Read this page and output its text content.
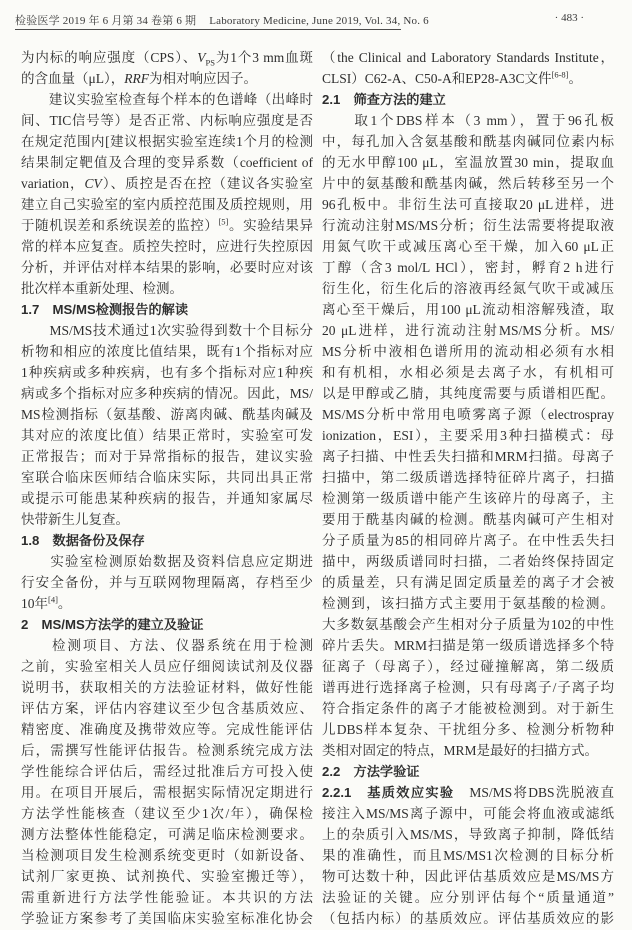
检验医学 2019 年 6 月第 34 卷第 6 期 Laboratory Medicine, June 2019, Vol. 34, No. 6	· 483 ·
为内标的响应强度（CPS）、$V_{PS}$为1个3 mm血斑
的含血量（μL），RRF为相对响应因子。
　　建议实验室检查每个样本的色谱峰（出峰时
间、TIC信号等）是否正常、内标响应强度是否
在规定范围内[建议根据实验室连续1个月的检测
结果制定靶值及合理的变异系数（coefficient of
variation，CV）、质控是否在控（建议各实验室
建立自己实验室的室内质控范围及质控规则，用
于随机误差和系统误差的监控）[5]。实验结果异
常的样本应复查。质控失控时，应进行失控原因
分析，并评估对样本结果的影响，必要时应对该
批次样本重新处理、检测。
1.7　MS/MS检测报告的解读
　　MS/MS技术通过1次实验得到数十个目标分
析物和相应的浓度比值结果，既有1个指标对应
1种疾病或多种疾病，也有多个指标对应1种疾
病或多个指标对应多种疾病的情况。因此，MS/
MS检测指标（氨基酸、游离肉碱、酰基肉碱及
其对应的浓度比值）结果正常时，实验室可发
正常报告；而对于异常指标的报告，建议实验
室联合临床医师结合临床实际，共同出具正常
或提示可能患某种疾病的报告，并通知家属尽
快带新生儿复查。
1.8　数据备份及保存
　　实验室检测原始数据及资料信息应定期进
行安全备份，并与互联网物理隔离，存档至少
10年[4]。
2　MS/MS方法学的建立及验证
　　检测项目、方法、仪器系统在用于检测
之前，实验室相关人员应仔细阅读试剂及仪器
说明书，获取相关的方法验证材料，做好性能
评估方案，评估内容建议至少包含基质效应、
精密度、准确度及携带效应等。完成性能评估
后，需撰写性能评估报告。检测系统完成方法
学性能综合评估后，需经过批准后方可投入使
用。在项目开展后，需根据实际情况定期进行
方法学性能核查（建议至少1次/年），确保检
测方法整体性能稳定，可满足临床检测要求。
当检测项目发生检测系统变更时（如新设备、
试剂厂家更换、试剂换代、实验室搬迁等），
需重新进行方法学性能验证。本共识的方法
学验证方案参考了美国临床实验室标准化协会
（the Clinical and Laboratory Standards Institute，
CLSI）C62-A、C50-A和EP28-A3C文件[6-8]。
2.1　筛查方法的建立
　　取1个DBS样本（3 mm），置于96孔板
中，每孔加入含氨基酸和酰基肉碱同位素内标
的无水甲醇100 μL，室温放置30 min，提取血
片中的氨基酸和酰基肉碱，然后转移至另一个
96孔板中。非衍生法可直接取20 μL进样，进
行流动注射MS/MS分析；衍生法需要将提取液
用氮气吹干或减压离心至干燥，加入60 μL正
丁醇（含3 mol/L HCl），密封，孵育2 h进行
衍生化，衍生化后的溶液再经氮气吹干或减压
离心至干燥后，用100 μL流动相溶解残渣，取
20 μL进样，进行流动注射MS/MS分析。MS/
MS分析中液相色谱所用的流动相必须有水相
和有机相，水相必须是去离子水，有机相可
以是甲醇或乙腈，其纯度需要与质谱相匹配。
MS/MS分析中常用电喷雾离子源（electrospray
ionization，ESI），主要采用3种扫描模式：母
离子扫描、中性丢失扫描和MRM扫描。母离子
扫描中，第二级质谱选择特征碎片离子，扫描
检测第一级质谱中能产生该碎片的母离子，主
要用于酰基肉碱的检测。酰基肉碱可产生相对
分子质量为85的相同碎片离子。在中性丢失扫
描中，两级质谱同时扫描，二者始终保持固定
的质量差，只有满足固定质量差的离子才会被
检测到，该扫描方式主要用于氨基酸的检测。
大多数氨基酸会产生相对分子质量为102的中性
碎片丢失。MRM扫描是第一级质谱选择多个特
征离子（母离子），经过碰撞解离，第二级质
谱再进行选择离子检测，只有母离子/子离子均
符合指定条件的离子才能被检测到。对于新生
儿DBS样本复杂、干扰组分多、检测分析物种
类相对固定的特点，MRM是最好的扫描方式。
2.2　方法学验证
2.2.1　基质效应实验　MS/MS将DBS洗脱液直
接注入MS/MS离子源中，可能会将血液或滤纸
上的杂质引入MS/MS，导致离子抑制，降低结
果的准确性，而且MS/MS1次检测的目标分析
物可达数十种，因此评估基质效应是MS/MS方
法验证的关键。应分别评估每个“质量通道”
（包括内标）的基质效应。评估基质效应的影
